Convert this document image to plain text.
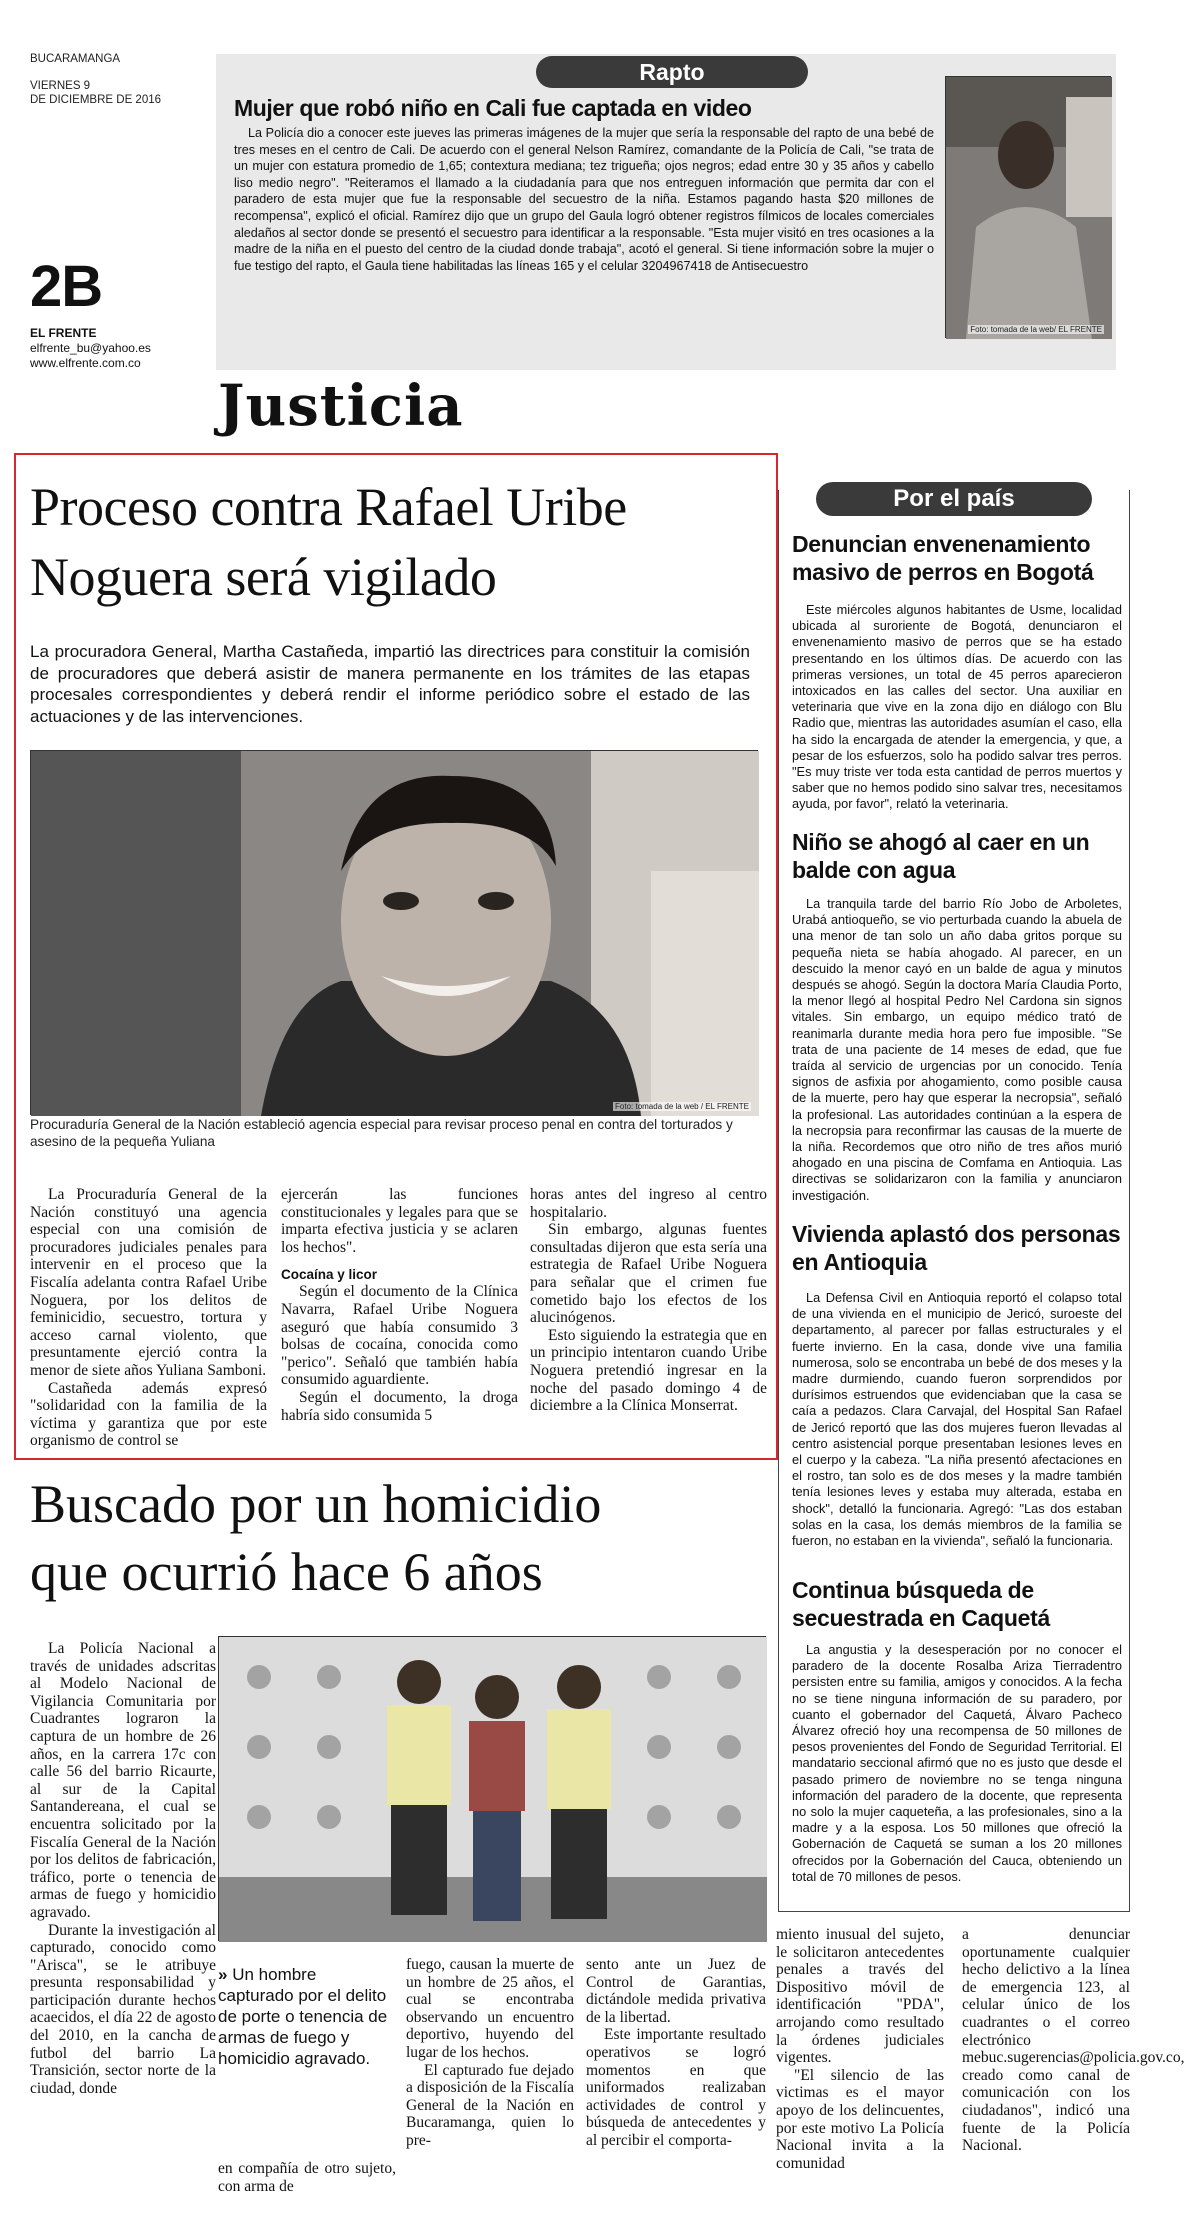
BUCARAMANGA
VIERNES 9
DE DICIEMBRE DE 2016
2B
EL FRENTE
elfrente_bu@yahoo.es
www.elfrente.com.co
Rapto
Mujer que robó niño en Cali fue captada en video
La Policía dio a conocer este jueves las primeras imágenes de la mujer que sería la responsable del rapto de una bebé de tres meses en el centro de Cali. De acuerdo con el general Nelson Ramírez, comandante de la Policía de Cali, "se trata de un mujer con estatura promedio de 1,65; contextura mediana; tez trigueña; ojos negros; edad entre 30 y 35 años y cabello liso medio negro". "Reiteramos el llamado a la ciudadanía para que nos entreguen información que permita dar con el paradero de esta mujer que fue la responsable del secuestro de la niña. Estamos pagando hasta $20 millones de recompensa", explicó el oficial. Ramírez dijo que un grupo del Gaula logró obtener registros fílmicos de locales comerciales aledaños al sector donde se presentó el secuestro para identificar a la responsable. "Esta mujer visitó en tres ocasiones a la madre de la niña en el puesto del centro de la ciudad donde trabaja", acotó el general. Si tiene información sobre la mujer o fue testigo del rapto, el Gaula tiene habilitadas las líneas 165 y el celular 3204967418 de Antisecuestro
Foto: tomada de la web/ EL FRENTE
Justicia
Proceso contra Rafael Uribe Noguera será vigilado
La procuradora General, Martha Castañeda, impartió las directrices para constituir la comisión de procuradores que deberá asistir de manera permanente en los trámites de las etapas procesales correspondientes y deberá rendir el informe periódico sobre el estado de las actuaciones y de las intervenciones.
Foto: tomada de la web / EL FRENTE
Procuraduría General de la Nación estableció agencia especial para revisar proceso penal en contra del torturados y asesino de la pequeña Yuliana

La Procuraduría General de la Nación constituyó una agencia especial con una comisión de procuradores judiciales penales para intervenir en el proceso que la Fiscalía adelanta contra Rafael Uribe Noguera, por los delitos de feminicidio, secuestro, tortura y acceso carnal violento, que presuntamente ejerció contra la menor de siete años Yuliana Samboni.

Castañeda además expresó "solidaridad con la familia de la víctima y garantiza que por este organismo de control se

ejercerán las funciones constitucionales y legales para que se imparta efectiva justicia y se aclaren los hechos".

Cocaína y licor

Según el documento de la Clínica Navarra, Rafael Uribe Noguera aseguró que había consumido 3 bolsas de cocaína, conocida como "perico". Señaló que también había consumido aguardiente.

Según el documento, la droga habría sido consumida 5

horas antes del ingreso al centro hospitalario.

Sin embargo, algunas fuentes consultadas dijeron que esta sería una estrategia de Rafael Uribe Noguera para señalar que el crimen fue cometido bajo los efectos de los alucinógenos.

Esto siguiendo la estrategia que en un principio intentaron cuando Uribe Noguera pretendió ingresar en la noche del pasado domingo 4 de diciembre a la Clínica Monserrat.

Buscado por un homicidio
que ocurrió hace 6 años

La Policía Nacional a través de unidades adscritas al Modelo Nacional de Vigilancia Comunitaria por Cuadrantes lograron la captura de un hombre de 26 años, en la carrera 17c con calle 56 del barrio Ricaurte, al sur de la Capital Santandereana, el cual se encuentra solicitado por la Fiscalía General de la Nación por los delitos de fabricación, tráfico, porte o tenencia de armas de fuego y homicidio agravado.

Durante la investigación al capturado, conocido como "Arisca", se le atribuye presunta responsabilidad y participación durante hechos acaecidos, el día 22 de agosto del 2010, en la cancha de futbol del barrio La Transición, sector norte de la ciudad, donde

» Un hombre capturado por el delito de porte o tenencia de armas de fuego y homicidio agravado.

en compañía de otro sujeto, con arma de

fuego, causan la muerte de un hombre de 25 años, el cual se encontraba observando un encuentro deportivo, huyendo del lugar de los hechos.

El capturado fue dejado a disposición de la Fiscalía General de la Nación en Bucaramanga, quien lo pre-

sento ante un Juez de Control de Garantias, dictándole medida privativa de la libertad.

Este importante resultado operativos se logró momentos en que uniformados realizaban actividades de control y búsqueda de antecedentes y al percibir el comporta-

miento inusual del sujeto, le solicitaron antecedentes penales a través del Dispositivo móvil de identificación "PDA", arrojando como resultado la órdenes judiciales vigentes.

"El silencio de las victimas es el mayor apoyo de los delincuentes, por este motivo La Policía Nacional invita a la comunidad

a denunciar oportunamente cualquier hecho delictivo a la línea de emergencia 123, al celular único de los cuadrantes o el correo electrónico mebuc.sugerencias@policia.gov.co, creado como canal de comunicación con los ciudadanos", indicó una fuente de la Policía Nacional.

Por el país
Denuncian envenenamiento masivo de perros en Bogotá

Este miércoles algunos habitantes de Usme, localidad ubicada al suroriente de Bogotá, denunciaron el envenenamiento masivo de perros que se ha estado presentando en los últimos días. De acuerdo con las primeras versiones, un total de 45 perros aparecieron intoxicados en las calles del sector. Una auxiliar en veterinaria que vive en la zona dijo en diálogo con Blu Radio que, mientras las autoridades asumían el caso, ella ha sido la encargada de atender la emergencia, y que, a pesar de los esfuerzos, solo ha podido salvar tres perros. "Es muy triste ver toda esta cantidad de perros muertos y saber que no hemos podido sino salvar tres, necesitamos ayuda, por favor", relató la veterinaria.

Niño se ahogó al caer en un balde con agua

La tranquila tarde del barrio Río Jobo de Arboletes, Urabá antioqueño, se vio perturbada cuando la abuela de una menor de tan solo un año daba gritos porque su pequeña nieta se había ahogado. Al parecer, en un descuido la menor cayó en un balde de agua y minutos después se ahogó. Según la doctora María Claudia Porto, la menor llegó al hospital Pedro Nel Cardona sin signos vitales. Sin embargo, un equipo médico trató de reanimarla durante media hora pero fue imposible. "Se trata de una paciente de 14 meses de edad, que fue traída al servicio de urgencias por un conocido. Tenía signos de asfixia por ahogamiento, como posible causa de la muerte, pero hay que esperar la necropsia", señaló la profesional. Las autoridades continúan a la espera de la necropsia para reconfirmar las causas de la muerte de la niña. Recordemos que otro niño de tres años murió ahogado en una piscina de Comfama en Antioquia. Las directivas se solidarizaron con la familia y anunciaron investigación.

Vivienda aplastó dos personas en Antioquia

La Defensa Civil en Antioquia reportó el colapso total de una vivienda en el municipio de Jericó, suroeste del departamento, al parecer por fallas estructurales y el fuerte invierno. En la casa, donde vive una familia numerosa, solo se encontraba un bebé de dos meses y la madre durmiendo, cuando fueron sorprendidos por durísimos estruendos que evidenciaban que la casa se caía a pedazos. Clara Carvajal, del Hospital San Rafael de Jericó reportó que las dos mujeres fueron llevadas al centro asistencial porque presentaban lesiones leves en el cuerpo y la cabeza. "La niña presentó afectaciones en el rostro, tan solo es de dos meses y la madre también tenía lesiones leves y estaba muy alterada, estaba en shock", detalló la funcionaria. Agregó: "Las dos estaban solas en la casa, los demás miembros de la familia se fueron, no estaban en la vivienda", señaló la funcionaria.

Continua búsqueda de secuestrada en Caquetá

La angustia y la desesperación por no conocer el paradero de la docente Rosalba Ariza Tierradentro persisten entre su familia, amigos y conocidos. A la fecha no se tiene ninguna información de su paradero, por cuanto el gobernador del Caquetá, Álvaro Pacheco Álvarez ofreció hoy una recompensa de 50 millones de pesos provenientes del Fondo de Seguridad Territorial. El mandatario seccional afirmó que no es justo que desde el pasado primero de noviembre no se tenga ninguna información del paradero de la docente, que representa no solo la mujer caqueteña, a las profesionales, sino a la madre y a la esposa. Los 50 millones que ofreció la Gobernación de Caquetá se suman a los 20 millones ofrecidos por la Gobernación del Cauca, obteniendo un total de 70 millones de pesos.
